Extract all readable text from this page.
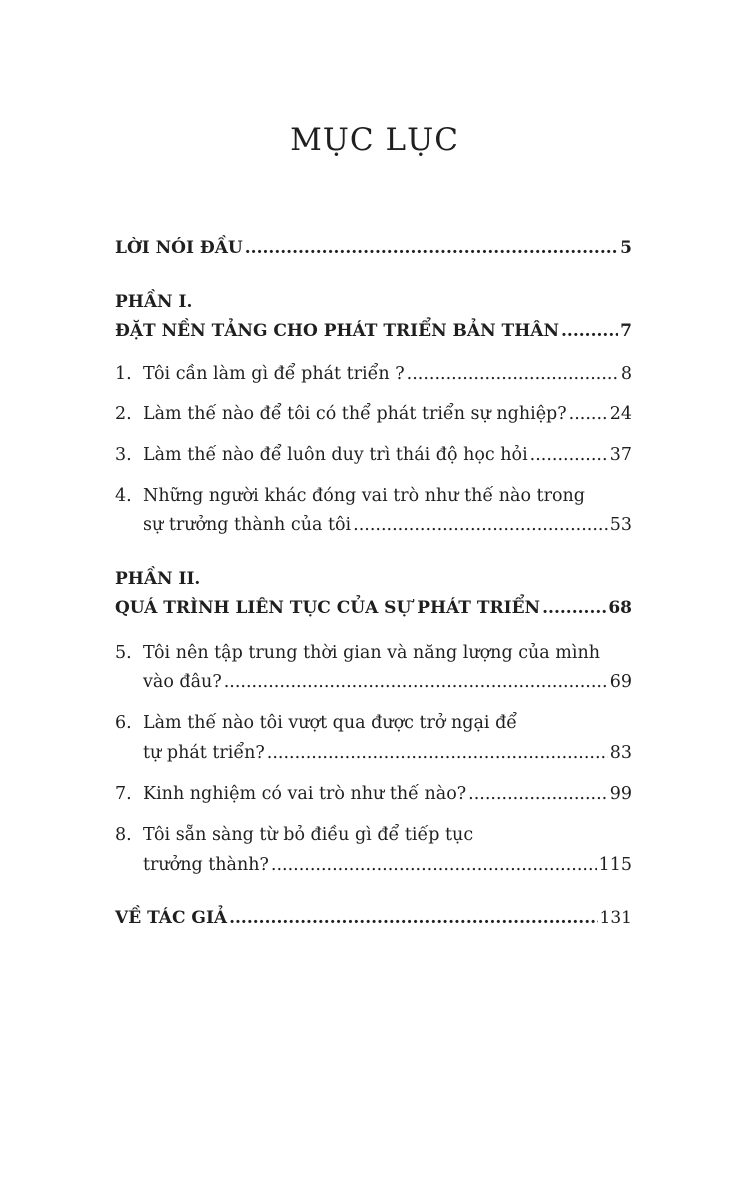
MỤC LỤC
LỜI NÓI ĐẦU .....	5
PHẦN I.
ĐẶT NỀN TẢNG CHO PHÁT TRIỂN BẢN THÂN .....	7
1. Tôi cần làm gì để phát triển ? .....	8
2. Làm thế nào để tôi có thể phát triển sự nghiệp? ..... 24
3. Làm thế nào để luôn duy trì thái độ học hỏi .....	37
4. Những người khác đóng vai trò như thế nào trong
sự trưởng thành của tôi .....	53
PHẦN II.
QUÁ TRÌNH LIÊN TỤC CỦA SỰ PHÁT TRIỂN .....	68
5. Tôi nên tập trung thời gian và năng lượng của mình
vào đâu? .....	69
6. Làm thế nào tôi vượt qua được trở ngại để
tự phát triển? .....	83
7. Kinh nghiệm có vai trò như thế nào? .....	99
8. Tôi sẵn sàng từ bỏ điều gì để tiếp tục
trưởng thành? .....	115
VỀ TÁC GIẢ .....	131
